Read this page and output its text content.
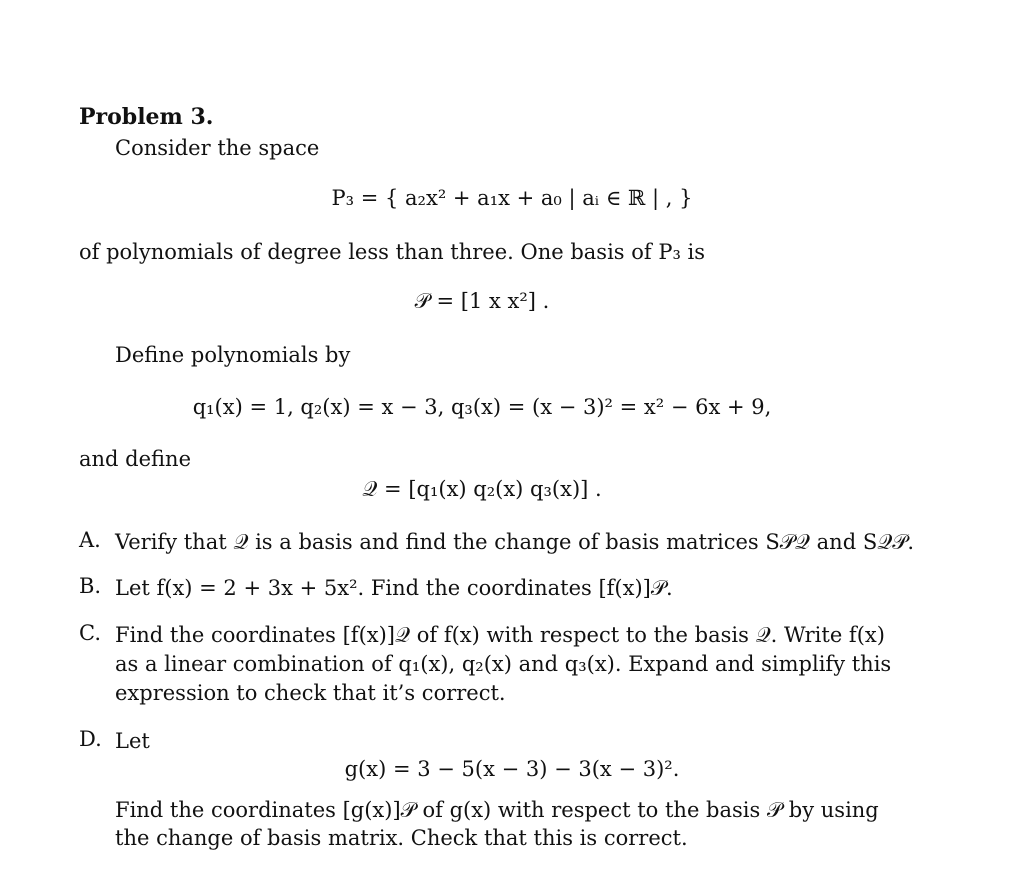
Problem 3.
Consider the space
P₃ = { a₂x² + a₁x + a₀ | aᵢ ∈ ℝ | , }
of polynomials of degree less than three. One basis of P₃ is
𝒫 = [1 x x²] .
Define polynomials by
q₁(x) = 1, q₂(x) = x − 3, q₃(x) = (x − 3)² = x² − 6x + 9,
and define
𝒬 = [q₁(x) q₂(x) q₃(x)] .
A. Verify that 𝒬 is a basis and find the change of basis matrices S𝒫𝒬 and S𝒬𝒫.
B. Let f(x) = 2 + 3x + 5x². Find the coordinates [f(x)]𝒫.
C. Find the coordinates [f(x)]𝒬 of f(x) with respect to the basis 𝒬. Write f(x) as a linear combination of q₁(x), q₂(x) and q₃(x). Expand and simplify this expression to check that it’s correct.
D. Let
g(x) = 3 − 5(x − 3) − 3(x − 3)².
Find the coordinates [g(x)]𝒫 of g(x) with respect to the basis 𝒫 by using the change of basis matrix. Check that this is correct.
